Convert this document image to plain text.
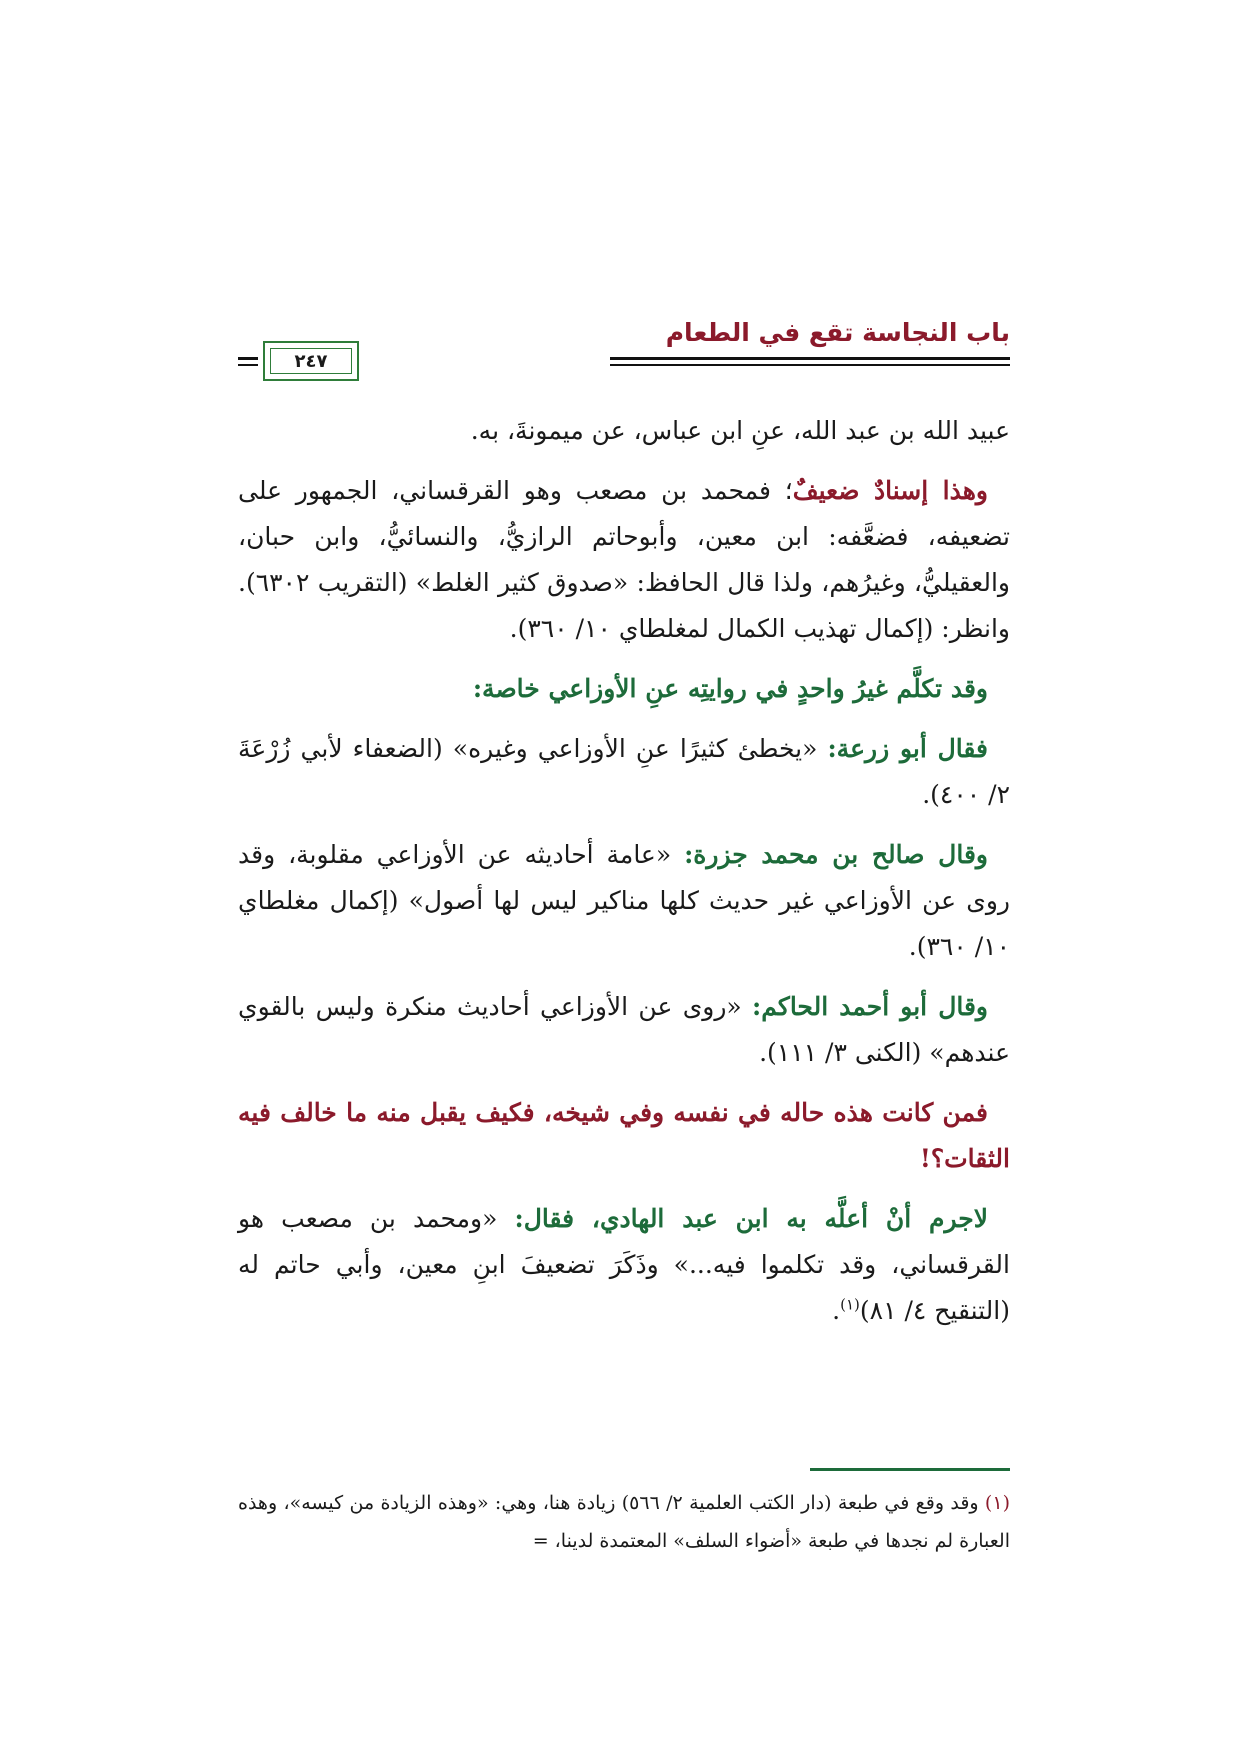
باب النجاسة تقع في الطعام
٢٤٧

عبيد الله بن عبد الله، عنِ ابن عباس، عن ميمونةَ، به.

وهذا إسنادٌ ضعيفٌ؛ فمحمد بن مصعب وهو القرقساني، الجمهور على تضعيفه، فضعَّفه: ابن معين، وأبوحاتم الرازيُّ، والنسائيُّ، وابن حبان، والعقيليُّ، وغيرُهم، ولذا قال الحافظ: «صدوق كثير الغلط» (التقريب ٦٣٠٢). وانظر: (إكمال تهذيب الكمال لمغلطاي ١٠/ ٣٦٠).

وقد تكلَّم غيرُ واحدٍ في روايتِه عنِ الأوزاعي خاصة:

فقال أبو زرعة: «يخطئ كثيرًا عنِ الأوزاعي وغيره» (الضعفاء لأبي زُرْعَةَ ٢/ ٤٠٠).

وقال صالح بن محمد جزرة: «عامة أحاديثه عن الأوزاعي مقلوبة، وقد روى عن الأوزاعي غير حديث كلها مناكير ليس لها أصول» (إكمال مغلطاي ١٠/ ٣٦٠).

وقال أبو أحمد الحاكم: «روى عن الأوزاعي أحاديث منكرة وليس بالقوي عندهم» (الكنى ٣/ ١١١).

فمن كانت هذه حاله في نفسه وفي شيخه، فكيف يقبل منه ما خالف فيه الثقات؟!

لاجرم أنْ أعلَّه به ابن عبد الهادي، فقال: «ومحمد بن مصعب هو القرقساني، وقد تكلموا فيه...» وذَكَرَ تضعيفَ ابنِ معين، وأبي حاتم له (التنقيح ٤/ ٨١)$^{(١)}$.

(١) وقد وقع في طبعة (دار الكتب العلمية ٢/ ٥٦٦) زيادة هنا، وهي: «وهذه الزيادة من كيسه»، وهذه العبارة لم نجدها في طبعة «أضواء السلف» المعتمدة لدينا، =
